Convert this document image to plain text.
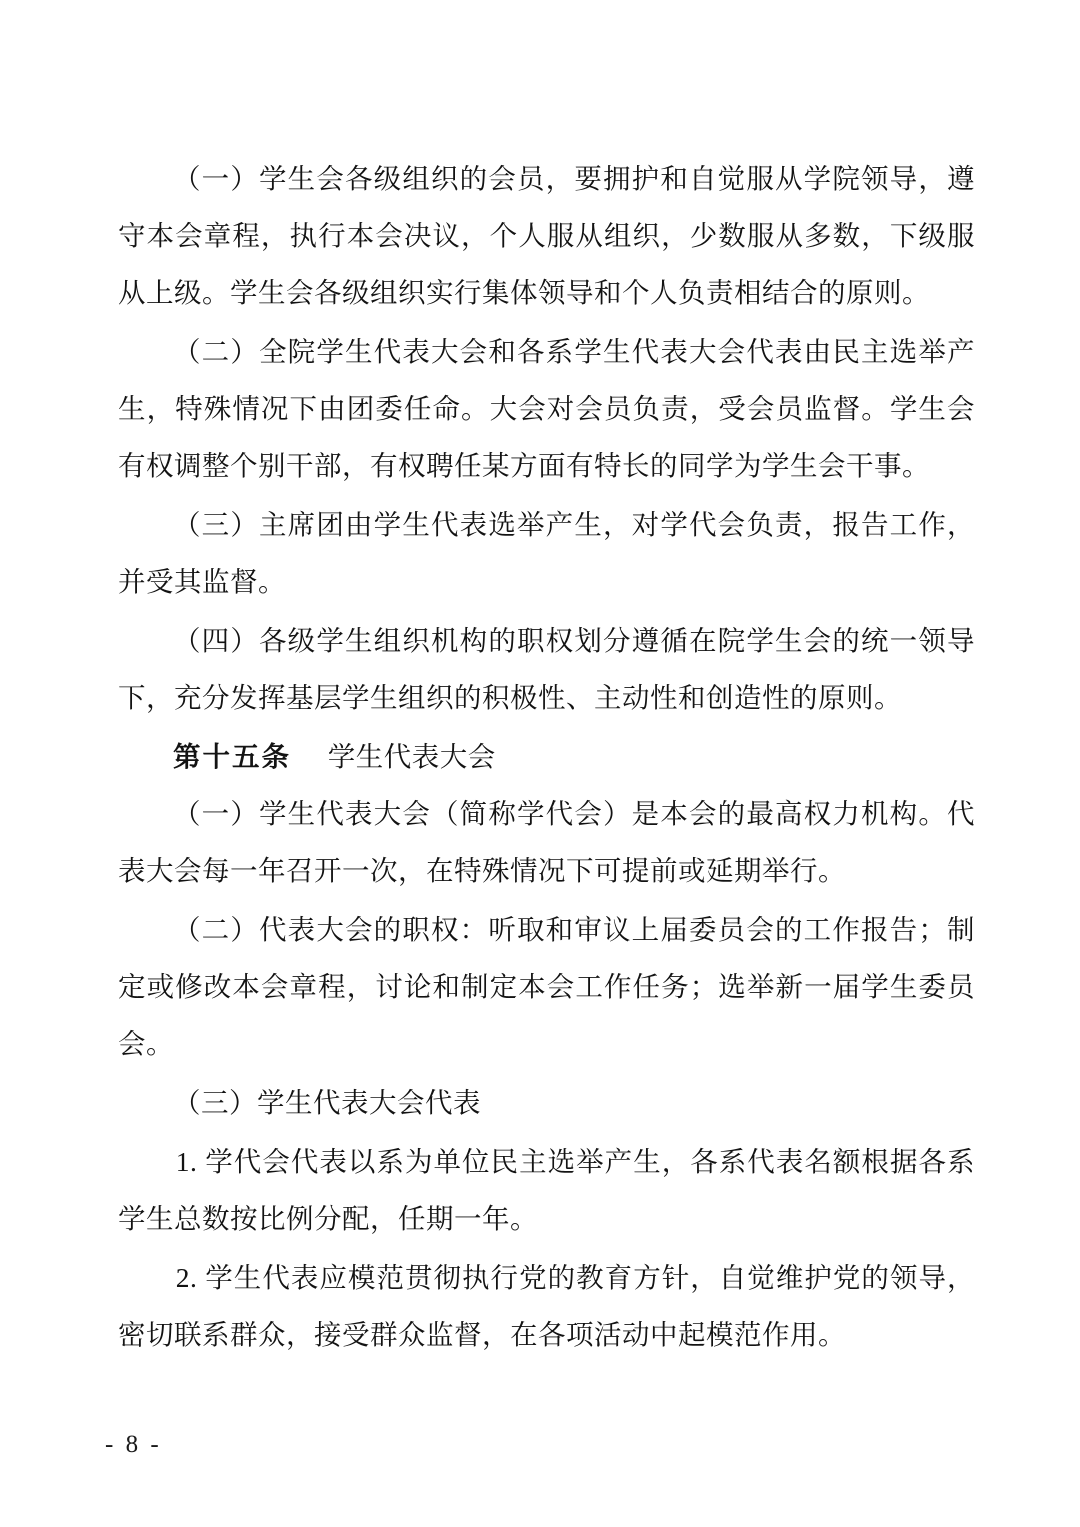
（一）学生会各级组织的会员，要拥护和自觉服从学院领导，遵守本会章程，执行本会决议，个人服从组织，少数服从多数，下级服从上级。学生会各级组织实行集体领导和个人负责相结合的原则。

（二）全院学生代表大会和各系学生代表大会代表由民主选举产生，特殊情况下由团委任命。大会对会员负责，受会员监督。学生会有权调整个别干部，有权聘任某方面有特长的同学为学生会干事。

（三）主席团由学生代表选举产生，对学代会负责，报告工作，并受其监督。

（四）各级学生组织机构的职权划分遵循在院学生会的统一领导下，充分发挥基层学生组织的积极性、主动性和创造性的原则。

第十五条 学生代表大会

（一）学生代表大会（简称学代会）是本会的最高权力机构。代表大会每一年召开一次，在特殊情况下可提前或延期举行。

（二）代表大会的职权：听取和审议上届委员会的工作报告；制定或修改本会章程，讨论和制定本会工作任务；选举新一届学生委员会。

（三）学生代表大会代表

1. 学代会代表以系为单位民主选举产生，各系代表名额根据各系学生总数按比例分配，任期一年。

2. 学生代表应模范贯彻执行党的教育方针，自觉维护党的领导，密切联系群众，接受群众监督，在各项活动中起模范作用。

- 8 -
